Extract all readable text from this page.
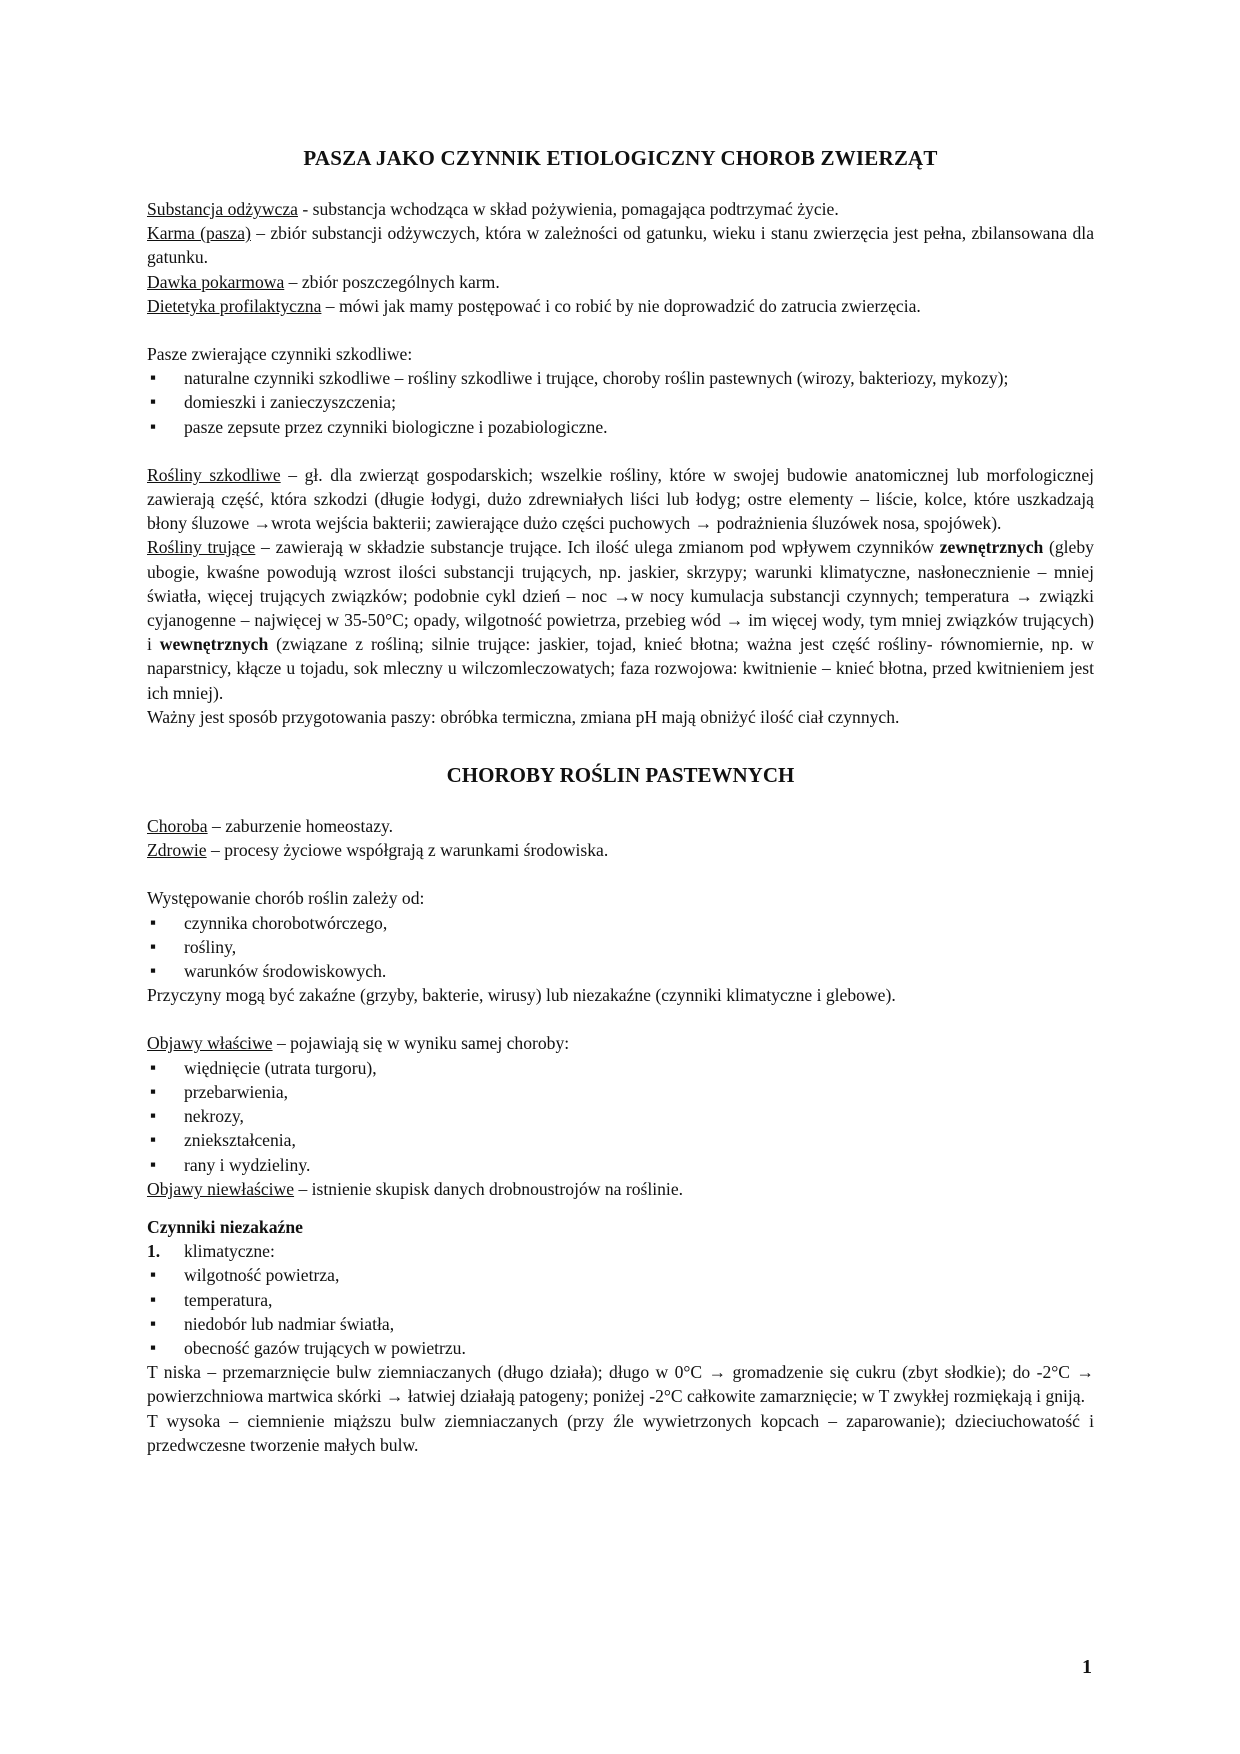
PASZA JAKO CZYNNIK ETIOLOGICZNY CHOROB ZWIERZĄT

Substancja odżywcza - substancja wchodząca w skład pożywienia, pomagająca podtrzymać życie.

Karma (pasza) – zbiór substancji odżywczych, która w zależności od gatunku, wieku i stanu zwierzęcia jest pełna, zbilansowana dla gatunku.

Dawka pokarmowa – zbiór poszczególnych karm.

Dietetyka profilaktyczna – mówi jak mamy postępować i co robić by nie doprowadzić do zatrucia zwierzęcia.

Pasze zwierające czynniki szkodliwe:

▪ naturalne czynniki szkodliwe – rośliny szkodliwe i trujące, choroby roślin pastewnych (wirozy, bakteriozy, mykozy);
▪ domieszki i zanieczyszczenia;
▪ pasze zepsute przez czynniki biologiczne i pozabiologiczne.

Rośliny szkodliwe – gł. dla zwierząt gospodarskich; wszelkie rośliny, które w swojej budowie anatomicznej lub morfologicznej zawierają część, która szkodzi (długie łodygi, dużo zdrewniałych liści lub łodyg; ostre elementy – liście, kolce, które uszkadzają błony śluzowe →wrota wejścia bakterii; zawierające dużo części puchowych → podrażnienia śluzówek nosa, spojówek).

Rośliny trujące – zawierają w składzie substancje trujące. Ich ilość ulega zmianom pod wpływem czynników zewnętrznych (gleby ubogie, kwaśne powodują wzrost ilości substancji trujących, np. jaskier, skrzypy; warunki klimatyczne, nasłonecznienie – mniej światła, więcej trujących związków; podobnie cykl dzień – noc →w nocy kumulacja substancji czynnych; temperatura → związki cyjanogenne – najwięcej w 35-50°C; opady, wilgotność powietrza, przebieg wód → im więcej wody, tym mniej związków trujących) i wewnętrznych (związane z rośliną; silnie trujące: jaskier, tojad, knieć błotna; ważna jest część rośliny- równomiernie, np. w naparstnicy, kłącze u tojadu, sok mleczny u wilczomleczowatych; faza rozwojowa: kwitnienie – knieć błotna, przed kwitnieniem jest ich mniej).

Ważny jest sposób przygotowania paszy: obróbka termiczna, zmiana pH mają obniżyć ilość ciał czynnych.

CHOROBY ROŚLIN PASTEWNYCH

Choroba – zaburzenie homeostazy.

Zdrowie – procesy życiowe współgrają z warunkami środowiska.

Występowanie chorób roślin zależy od:

▪ czynnika chorobotwórczego,
▪ rośliny,
▪ warunków środowiskowych.

Przyczyny mogą być zakaźne (grzyby, bakterie, wirusy) lub niezakaźne (czynniki klimatyczne i glebowe).

Objawy właściwe – pojawiają się w wyniku samej choroby:

▪ więdnięcie (utrata turgoru),
▪ przebarwienia,
▪ nekrozy,
▪ zniekształcenia,
▪ rany i wydzieliny.

Objawy niewłaściwe – istnienie skupisk danych drobnoustrojów na roślinie.

Czynniki niezakaźne
1. klimatyczne:
▪ wilgotność powietrza,
▪ temperatura,
▪ niedobór lub nadmiar światła,
▪ obecność gazów trujących w powietrzu.

T niska – przemarznięcie bulw ziemniaczanych (długo działa); długo w 0°C → gromadzenie się cukru (zbyt słodkie); do -2°C → powierzchniowa martwica skórki → łatwiej działają patogeny; poniżej -2°C całkowite zamarznięcie; w T zwykłej rozmiękają i gniją.

T wysoka – ciemnienie miąższu bulw ziemniaczanych (przy źle wywietrzonych kopcach – zaparowanie); dzieciuchowatość i przedwczesne tworzenie małych bulw.

1
